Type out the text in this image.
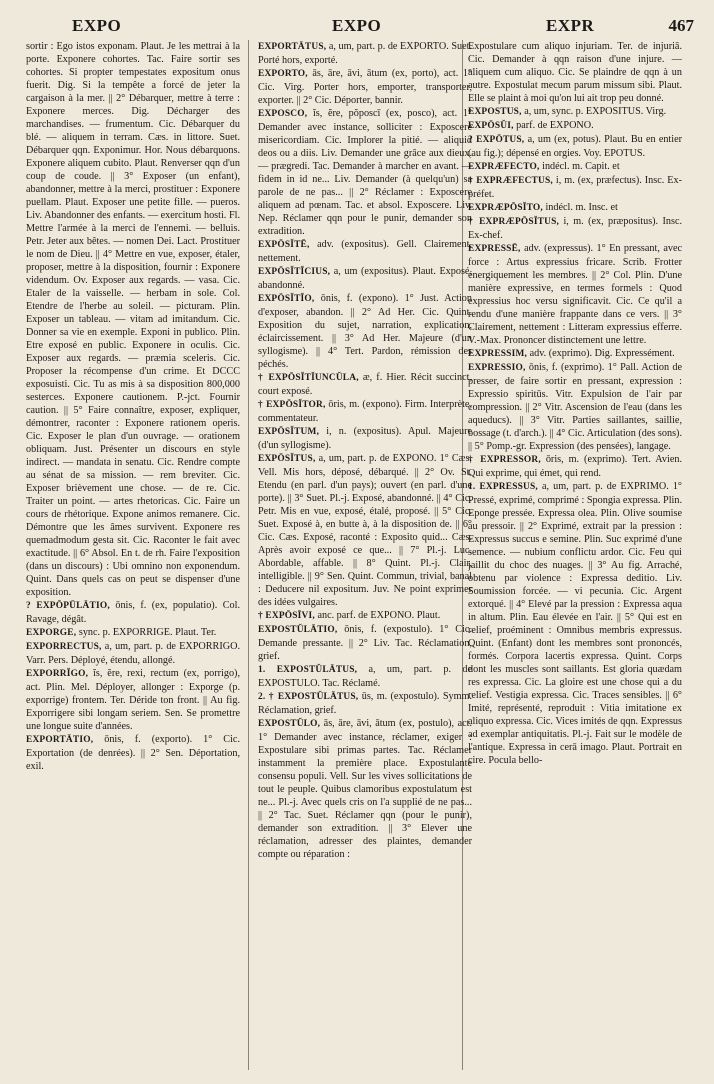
EXPO	EXPO	EXPR	467

sortir : Ego istos exponam. Plaut. Je les mettrai à la porte. Exponere cohortes. Tac. Faire sortir ses cohortes. Si propter tempestates expositum onus fuerit. Dig. Si la tempête a forcé de jeter la cargaison à la mer. || 2° Débarquer, mettre à terre : Exponere merces. Dig. Décharger des marchandises. — frumentum. Cic. Débarquer du blé. — aliquem in terram. Cæs. in littore. Suet. Débarquer qqn. Exponimur. Hor. Nous débarquons. Exponere aliquem cubito. Plaut. Renverser qqn d'un coup de coude. || 3° Exposer (un enfant), abandonner, mettre à la merci, prostituer : Exponere puellam. Plaut. Exposer une petite fille. — pueros. Liv. Abandonner des enfants. — exercitum hosti. Fl. Mettre l'armée à la merci de l'ennemi. — belluis. Petr. Jeter aux bêtes. — nomen Dei. Lact. Prostituer le nom de Dieu. || 4° Mettre en vue, exposer, étaler, proposer, mettre à la disposition, fournir : Exponere videndum. Ov. Exposer aux regards. — vasa. Cic. Etaler de la vaisselle. — herbam in sole. Col. Etendre de l'herbe au soleil. — picturam. Plin. Exposer un tableau. — vitam ad imitandum. Cic. Donner sa vie en exemple. Exponi in publico. Plin. Etre exposé en public. Exponere in oculis. Cic. Exposer aux regards. — præmia sceleris. Cic. Proposer la récompense d'un crime. Et DCCC exposuisti. Cic. Tu as mis à sa disposition 800,000 sesterces. Exponere cautionem. P.-jct. Fournir caution. || 5° Faire connaître, exposer, expliquer, démontrer, raconter : Exponere rationem operis. Cic. Exposer le plan d'un ouvrage. — orationem obliquam. Just. Présenter un discours en style indirect. — mandata in senatu. Cic. Rendre compte au sénat de sa mission. — rem breviter. Cic. Exposer brièvement une chose. — de re. Cic. Traiter un point. — artes rhetoricas. Cic. Faire un cours de rhétorique. Expone animos remanere. Cic. Démontre que les âmes survivent. Exponere res quemadmodum gesta sit. Cic. Raconter le fait avec exactitude. || 6° Absol. En t. de rh. Faire l'exposition (dans un discours) : Ubi omnino non exponendum. Quint. Dans quels cas on peut se dispenser d'une exposition.

? EXPŌPŪLĀTIO, ōnis, f. (ex, populatio). Col. Ravage, dégât.

EXPORGE, sync. p. EXPORRIGE. Plaut. Ter.

EXPORRECTUS, a, um, part. p. de EXPORRIGO. Varr. Pers. Déployé, étendu, allongé.

EXPORRĬGO, ĭs, ĕre, rexi, rectum (ex, porrigo), act. Plin. Mel. Déployer, allonger : Exporge (p. exporrige) frontem. Ter. Déride ton front. || Au fig. Exporrigere sibi longam seriem. Sen. Se promettre une longue suite d'années.

EXPORTĀTIO, ōnis, f. (exporto). 1° Cic. Exportation (de denrées). || 2° Sen. Déportation, exil.

EXPORTĀTUS, a, um, part. p. de EXPORTO. Suet. Porté hors, exporté.

EXPORTO, ās, āre, āvi, ātum (ex, porto), act. 1° Cic. Virg. Porter hors, emporter, transporter, exporter. || 2° Cic. Déporter, bannir.

EXPOSCO, ĭs, ĕre, pŏposcī (ex, posco), act. 1° Demander avec instance, solliciter : Exposcere misericordiam. Cic. Implorer la pitié. — aliquid deos ou a diis. Liv. Demander une grâce aux dieux. — prægredi. Tac. Demander à marcher en avant. — fidem in id ne... Liv. Demander (à quelqu'un) sa parole de ne pas... || 2° Réclamer : Exposcere aliquem ad pœnam. Tac. et absol. Exposcere. Liv. Nep. Réclamer qqn pour le punir, demander son extradition.

EXPŌSĬTĒ, adv. (expositus). Gell. Clairement, nettement.

EXPŌSĬTĬCIUS, a, um (expositus). Plaut. Exposé, abandonné.

EXPŌSĬTĬO, ōnis, f. (expono). 1° Just. Action d'exposer, abandon. || 2° Ad Her. Cic. Quint. Exposition du sujet, narration, explication, éclaircissement. || 3° Ad Her. Majeure (d'un syllogisme). || 4° Tert. Pardon, rémission des péchés.

† EXPŌSĬTĬUNCŬLA, æ, f. Hier. Récit succinct, court exposé.

† EXPŌSĬTOR, ōris, m. (expono). Firm. Interprète, commentateur.

EXPŌSĬTUM, i, n. (expositus). Apul. Majeure (d'un syllogisme).

EXPŌSĬTUS, a, um, part. p. de EXPONO. 1° Cæs. Vell. Mis hors, déposé, débarqué. || 2° Ov. St. Etendu (en parl. d'un pays); ouvert (en parl. d'une porte). || 3° Suet. Pl.-j. Exposé, abandonné. || 4° Cic. Petr. Mis en vue, exposé, étalé, proposé. || 5° Cic. Suet. Exposé à, en butte à, à la disposition de. || 6° Cic. Cæs. Exposé, raconté : Exposito quid... Cæs. Après avoir exposé ce que... || 7° Pl.-j. Luc. Abordable, affable. || 8° Quint. Pl.-j. Clair, intelligible. || 9° Sen. Quint. Commun, trivial, banal : Deducere nil expositum. Juv. Ne point exprimer des idées vulgaires.

† EXPŌSĪVI, anc. parf. de EXPONO. Plaut.

EXPOSTŬLĀTIO, ōnis, f. (expostulo). 1° Cic. Demande pressante. || 2° Liv. Tac. Réclamation, grief.

1. EXPOSTŬLĀTUS, a, um, part. p. de EXPOSTULO. Tac. Réclamé.

2. † EXPOSTŬLĀTUS, ūs, m. (expostulo). Symm. Réclamation, grief.

EXPOSTŬLO, ās, āre, āvi, ātum (ex, postulo), act. 1° Demander avec instance, réclamer, exiger : Expostulare sibi primas partes. Tac. Réclamer instamment la première place. Expostulante consensu populi. Vell. Sur les vives sollicitations de tout le peuple. Quibus clamoribus expostulatum est ne... Pl.-j. Avec quels cris on l'a supplié de ne pas... || 2° Tac. Suet. Réclamer qqn (pour le punir), demander son extradition. || 3° Elever une réclamation, adresser des plaintes, demander compte ou réparation :

Expostulare cum aliquo injuriam. Ter. de injuriā. Cic. Demander à qqn raison d'une injure. — aliquem cum aliquo. Cic. Se plaindre de qqn à un autre. Expostulat mecum parum missum sibi. Plaut. Elle se plaint à moi qu'on lui ait trop peu donné.

EXPOSTUS, a, um, sync. p. EXPOSITUS. Virg.

EXPŌSŬI, parf. de EXPONO.

? EXPŌTUS, a, um (ex, potus). Plaut. Bu en entier (au fig.); dépensé en orgies. Voy. EPOTUS.

EXPRÆFECTO, indécl. m. Capit. et

† EXPRÆFECTUS, i, m. (ex, præfectus). Insc. Ex-préfet.

EXPRÆPŌSĬTO, indécl. m. Insc. et

† EXPRÆPŌSĬTUS, i, m. (ex, præpositus). Insc. Ex-chef.

EXPRESSĒ, adv. (expressus). 1° En pressant, avec force : Artus expressius fricare. Scrib. Frotter énergiquement les membres. || 2° Col. Plin. D'une manière expressive, en termes formels : Quod expressius hoc versu significavit. Cic. Ce qu'il a rendu d'une manière frappante dans ce vers. || 3° Clairement, nettement : Litteram expressius efferre. V.-Max. Prononcer distinctement une lettre.

EXPRESSIM, adv. (exprimo). Dig. Expressément.

EXPRESSIO, ōnis, f. (exprimo). 1° Pall. Action de presser, de faire sortir en pressant, expression : Expressio spiritūs. Vitr. Expulsion de l'air par compression. || 2° Vitr. Ascension de l'eau (dans les aqueducs). || 3° Vitr. Parties saillantes, saillie, bossage (t. d'arch.). || 4° Cic. Articulation (des sons). || 5° Pomp.-gr. Expression (des pensées), langage.

† EXPRESSOR, ōris, m. (exprimo). Tert. Avien. Qui exprime, qui émet, qui rend.

1. EXPRESSUS, a, um, part. p. de EXPRIMO. 1° Pressé, exprimé, comprimé : Spongia expressa. Plin. Eponge pressée. Expressa olea. Plin. Olive soumise au pressoir. || 2° Exprimé, extrait par la pression : Expressus succus e semine. Plin. Suc exprimé d'une semence. — nubium conflictu ardor. Cic. Feu qui jaillit du choc des nuages. || 3° Au fig. Arraché, obtenu par violence : Expressa deditio. Liv. Soumission forcée. — vi pecunia. Cic. Argent extorqué. || 4° Elevé par la pression : Expressa aqua in altum. Plin. Eau élevée en l'air. || 5° Qui est en relief, proéminent : Omnibus membris expressus. Quint. (Enfant) dont les membres sont prononcés, formés. Corpora lacertis expressa. Quint. Corps dont les muscles sont saillants. Est gloria quædam res expressa. Cic. La gloire est une chose qui a du relief. Vestigia expressa. Cic. Traces sensibles. || 6° Imité, représenté, reproduit : Vitia imitatione ex aliquo expressa. Cic. Vices imités de qqn. Expressus ad exemplar antiquitatis. Pl.-j. Fait sur le modèle de l'antique. Expressa in cerā imago. Plaut. Portrait en cire. Pocula bello-
